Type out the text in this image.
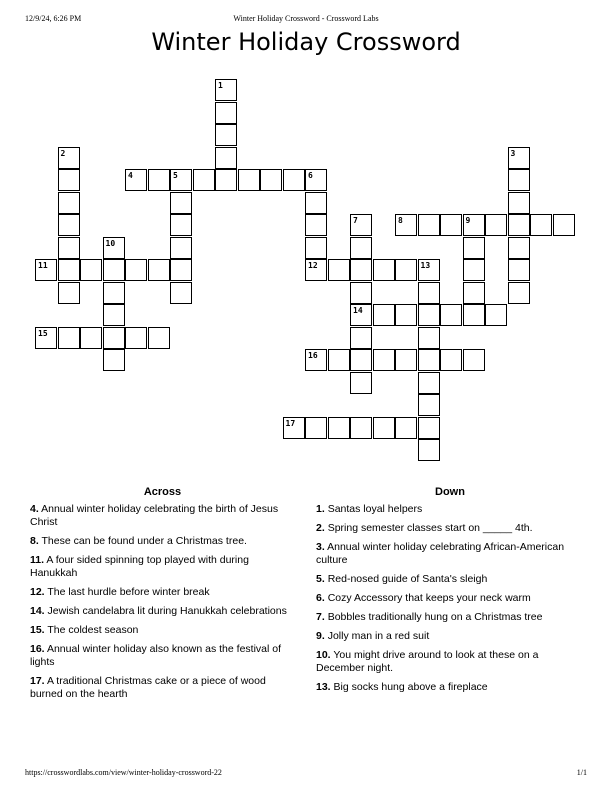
12/9/24, 6:26 PM	Winter Holiday Crossword - Crossword Labs
Winter Holiday Crossword
1
2	3
4	5	6
12
7
14
8	9
10
11	13
15
16
17
Across
4. Annual winter holiday celebrating the birth of Jesus Christ
8. These can be found under a Christmas tree.
11. A four sided spinning top played with during Hanukkah
12. The last hurdle before winter break
14. Jewish candelabra lit during Hanukkah celebrations
15. The coldest season
16. Annual winter holiday also known as the festival of lights
17. A traditional Christmas cake or a piece of wood burned on the hearth
Down
1. Santas loyal helpers
2. Spring semester classes start on _____ 4th.
3. Annual winter holiday celebrating African-American culture
5. Red-nosed guide of Santa's sleigh
6. Cozy Accessory that keeps your neck warm
7. Bobbles traditionally hung on a Christmas tree
9. Jolly man in a red suit
10. You might drive around to look at these on a December night.
13. Big socks hung above a fireplace
https://crosswordlabs.com/view/winter-holiday-crossword-22	1/1
